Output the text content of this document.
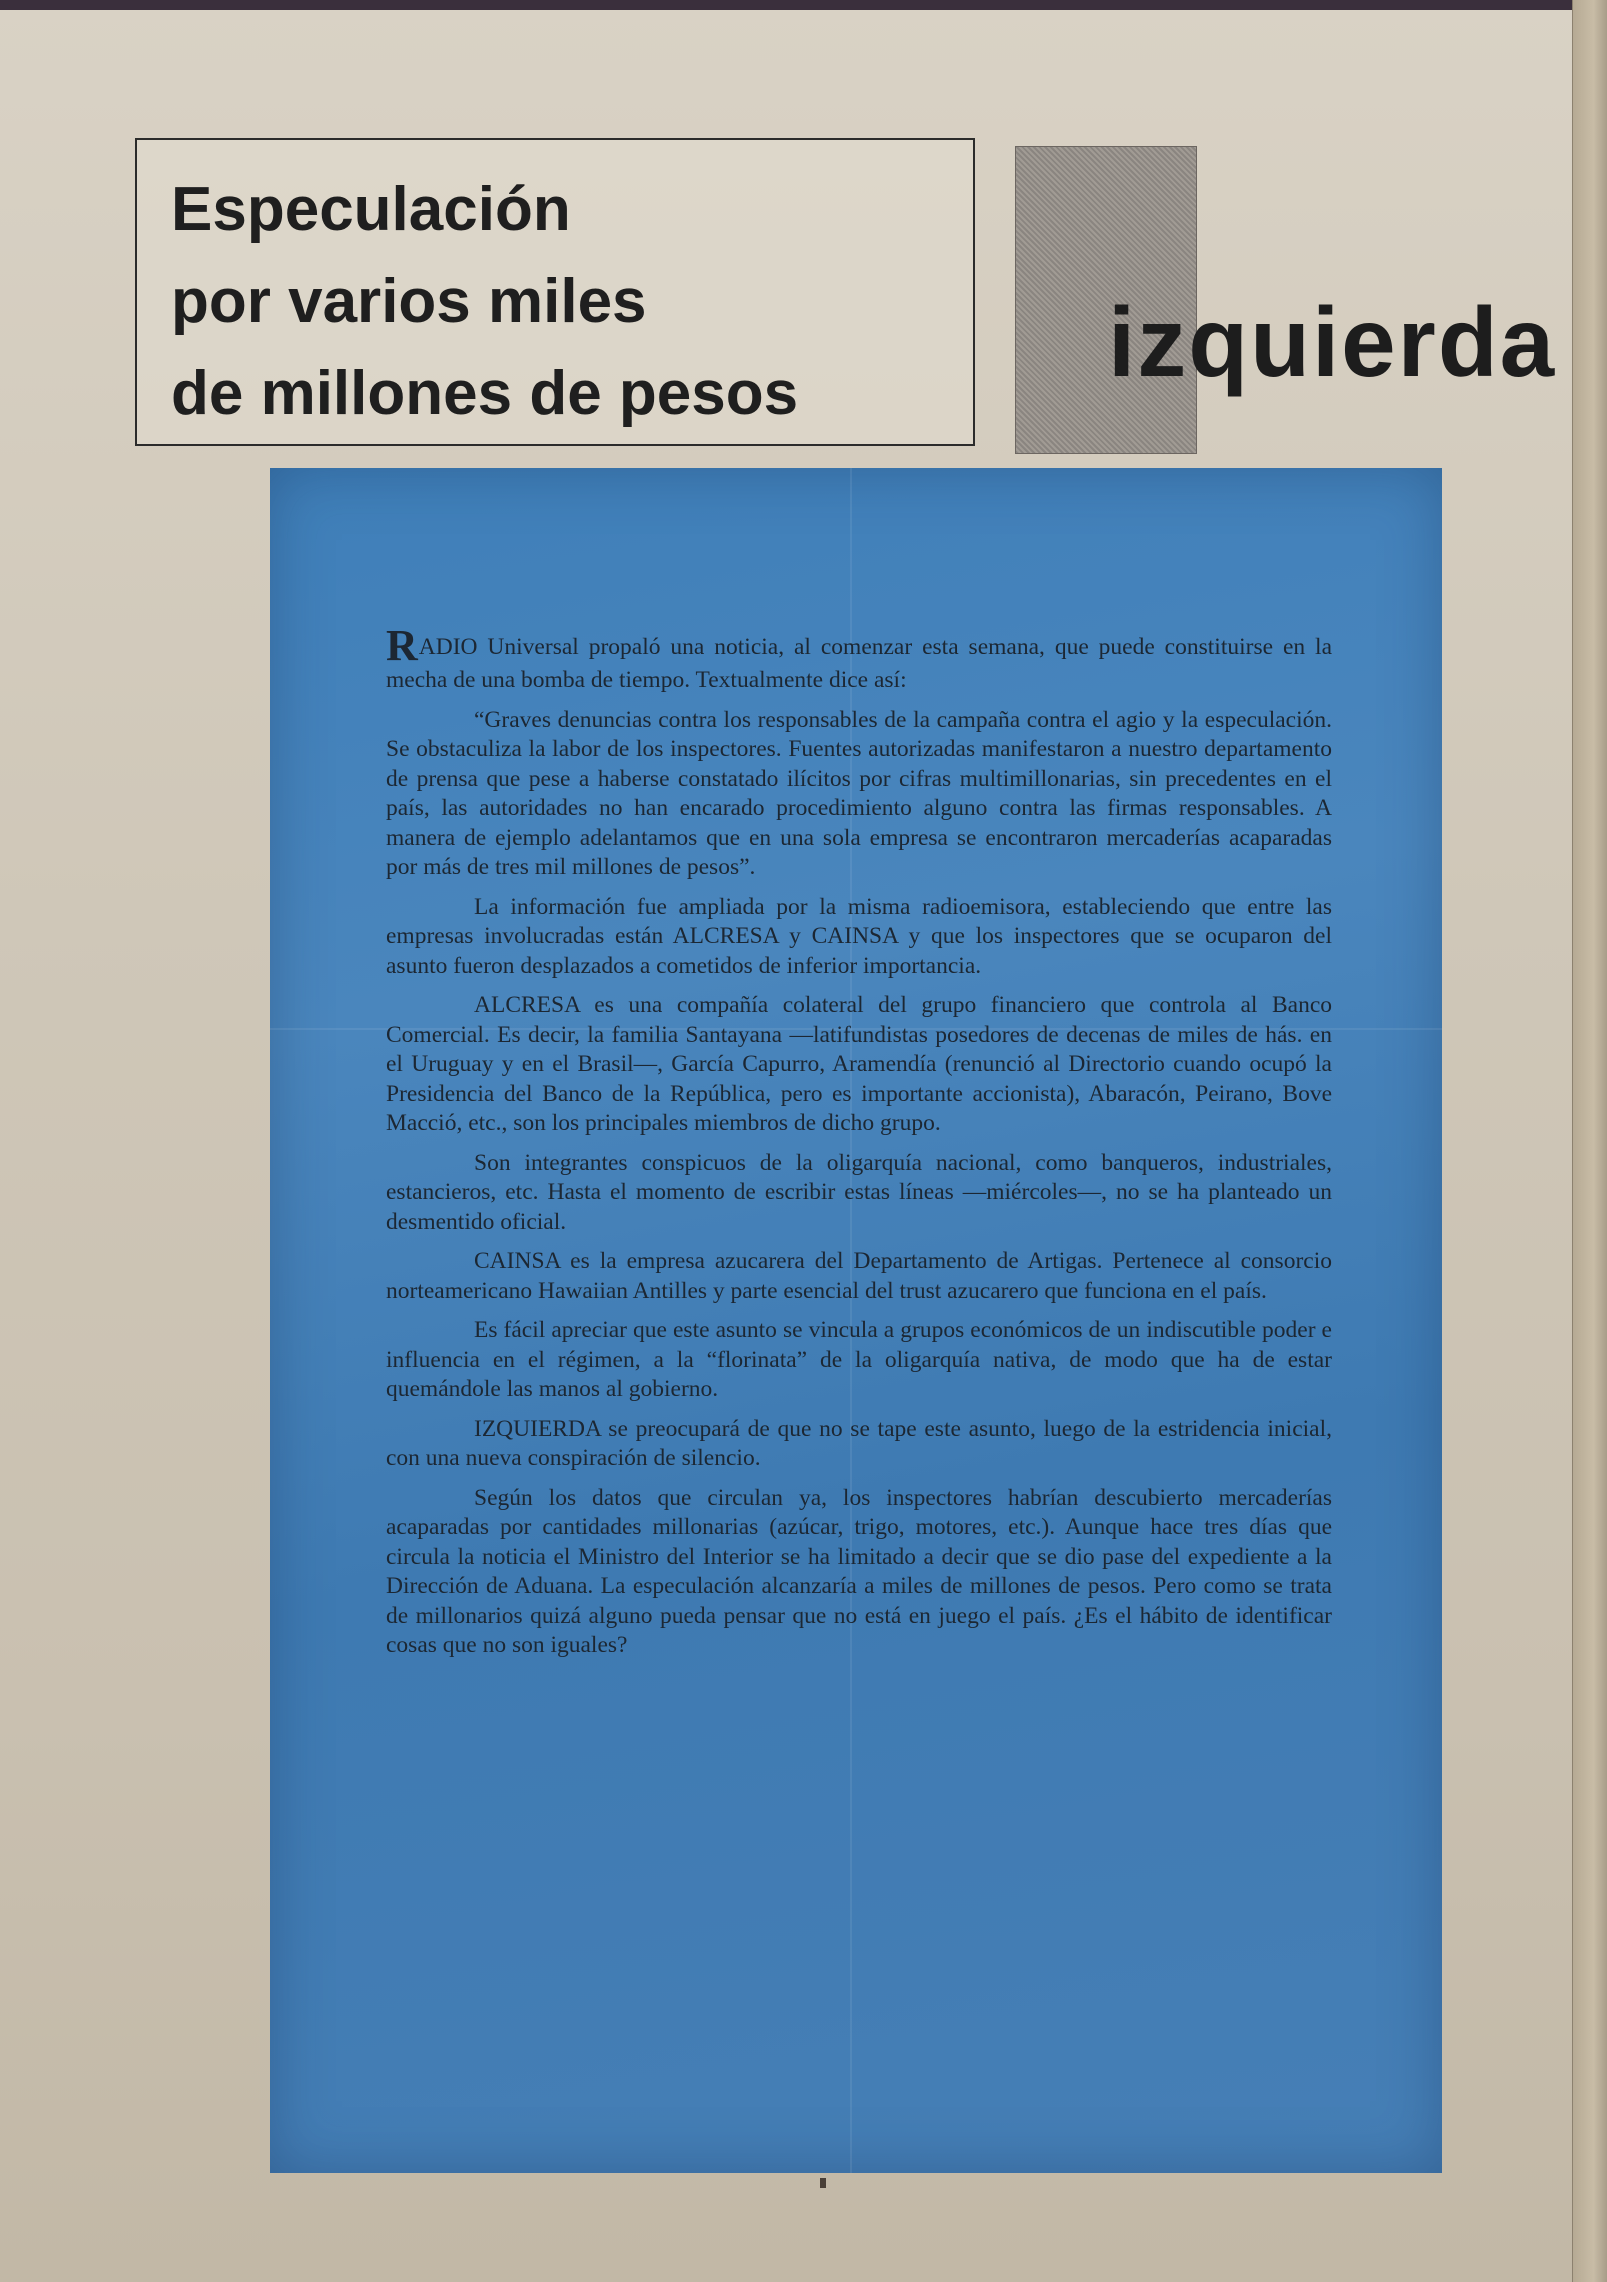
Especulación
por varios miles
de millones de pesos	izquierda

RADIO Universal propaló una noticia, al comenzar esta semana, que puede constituirse en la mecha de una bomba de tiempo. Textualmente dice así:

“Graves denuncias contra los responsables de la campaña contra el agio y la especulación. Se obstaculiza la labor de los inspectores. Fuentes autorizadas manifestaron a nuestro departamento de prensa que pese a haberse constatado ilícitos por cifras multimillonarias, sin precedentes en el país, las autoridades no han encarado procedimiento alguno contra las firmas responsables. A manera de ejemplo adelantamos que en una sola empresa se encontraron mercaderías acaparadas por más de tres mil millones de pesos”.

La información fue ampliada por la misma radioemisora, estableciendo que entre las empresas involucradas están ALCRESA y CAINSA y que los inspectores que se ocuparon del asunto fueron desplazados a cometidos de inferior importancia.

ALCRESA es una compañía colateral del grupo financiero que controla al Banco Comercial. Es decir, la familia Santayana —latifundistas posedores de decenas de miles de hás. en el Uruguay y en el Brasil—, García Capurro, Aramendía (renunció al Directorio cuando ocupó la Presidencia del Banco de la República, pero es importante accionista), Abaracón, Peirano, Bove Macció, etc., son los principales miembros de dicho grupo.

Son integrantes conspicuos de la oligarquía nacional, como banqueros, industriales, estancieros, etc. Hasta el momento de escribir estas líneas —miércoles—, no se ha planteado un desmentido oficial.

CAINSA es la empresa azucarera del Departamento de Artigas. Pertenece al consorcio norteamericano Hawaiian Antilles y parte esencial del trust azucarero que funciona en el país.

Es fácil apreciar que este asunto se vincula a grupos económicos de un indiscutible poder e influencia en el régimen, a la “florinata” de la oligarquía nativa, de modo que ha de estar quemándole las manos al gobierno.

IZQUIERDA se preocupará de que no se tape este asunto, luego de la estridencia inicial, con una nueva conspiración de silencio.

Según los datos que circulan ya, los inspectores habrían descubierto mercaderías acaparadas por cantidades millonarias (azúcar, trigo, motores, etc.). Aunque hace tres días que circula la noticia el Ministro del Interior se ha limitado a decir que se dio pase del expediente a la Dirección de Aduana. La especulación alcanzaría a miles de millones de pesos. Pero como se trata de millonarios quizá alguno pueda pensar que no está en juego el país. ¿Es el hábito de identificar cosas que no son iguales?
